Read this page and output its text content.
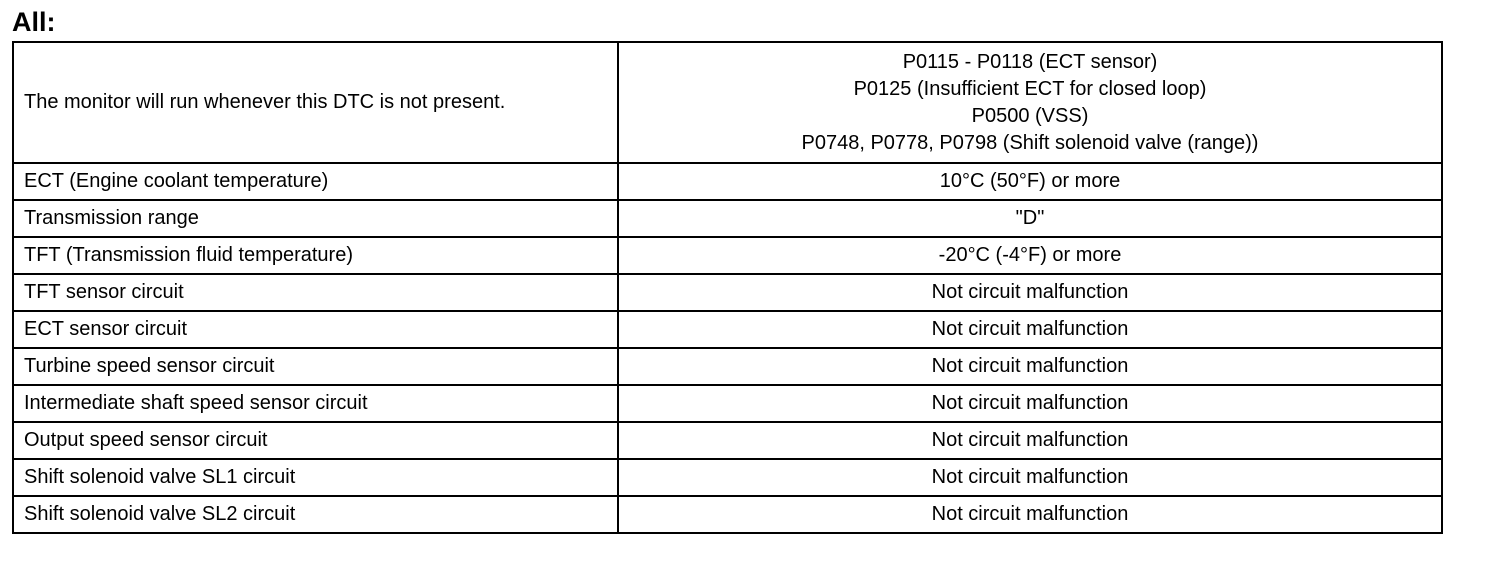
All:
The monitor will run whenever this DTC is not present.	P0115 - P0118 (ECT sensor)
P0125 (Insufficient ECT for closed loop)
P0500 (VSS)
P0748, P0778, P0798 (Shift solenoid valve (range))

ECT (Engine coolant temperature)	10°C (50°F) or more
Transmission range	"D"
TFT (Transmission fluid temperature)	-20°C (-4°F) or more
TFT sensor circuit	Not circuit malfunction
ECT sensor circuit	Not circuit malfunction
Turbine speed sensor circuit	Not circuit malfunction
Intermediate shaft speed sensor circuit	Not circuit malfunction
Output speed sensor circuit	Not circuit malfunction
Shift solenoid valve SL1 circuit	Not circuit malfunction
Shift solenoid valve SL2 circuit	Not circuit malfunction
